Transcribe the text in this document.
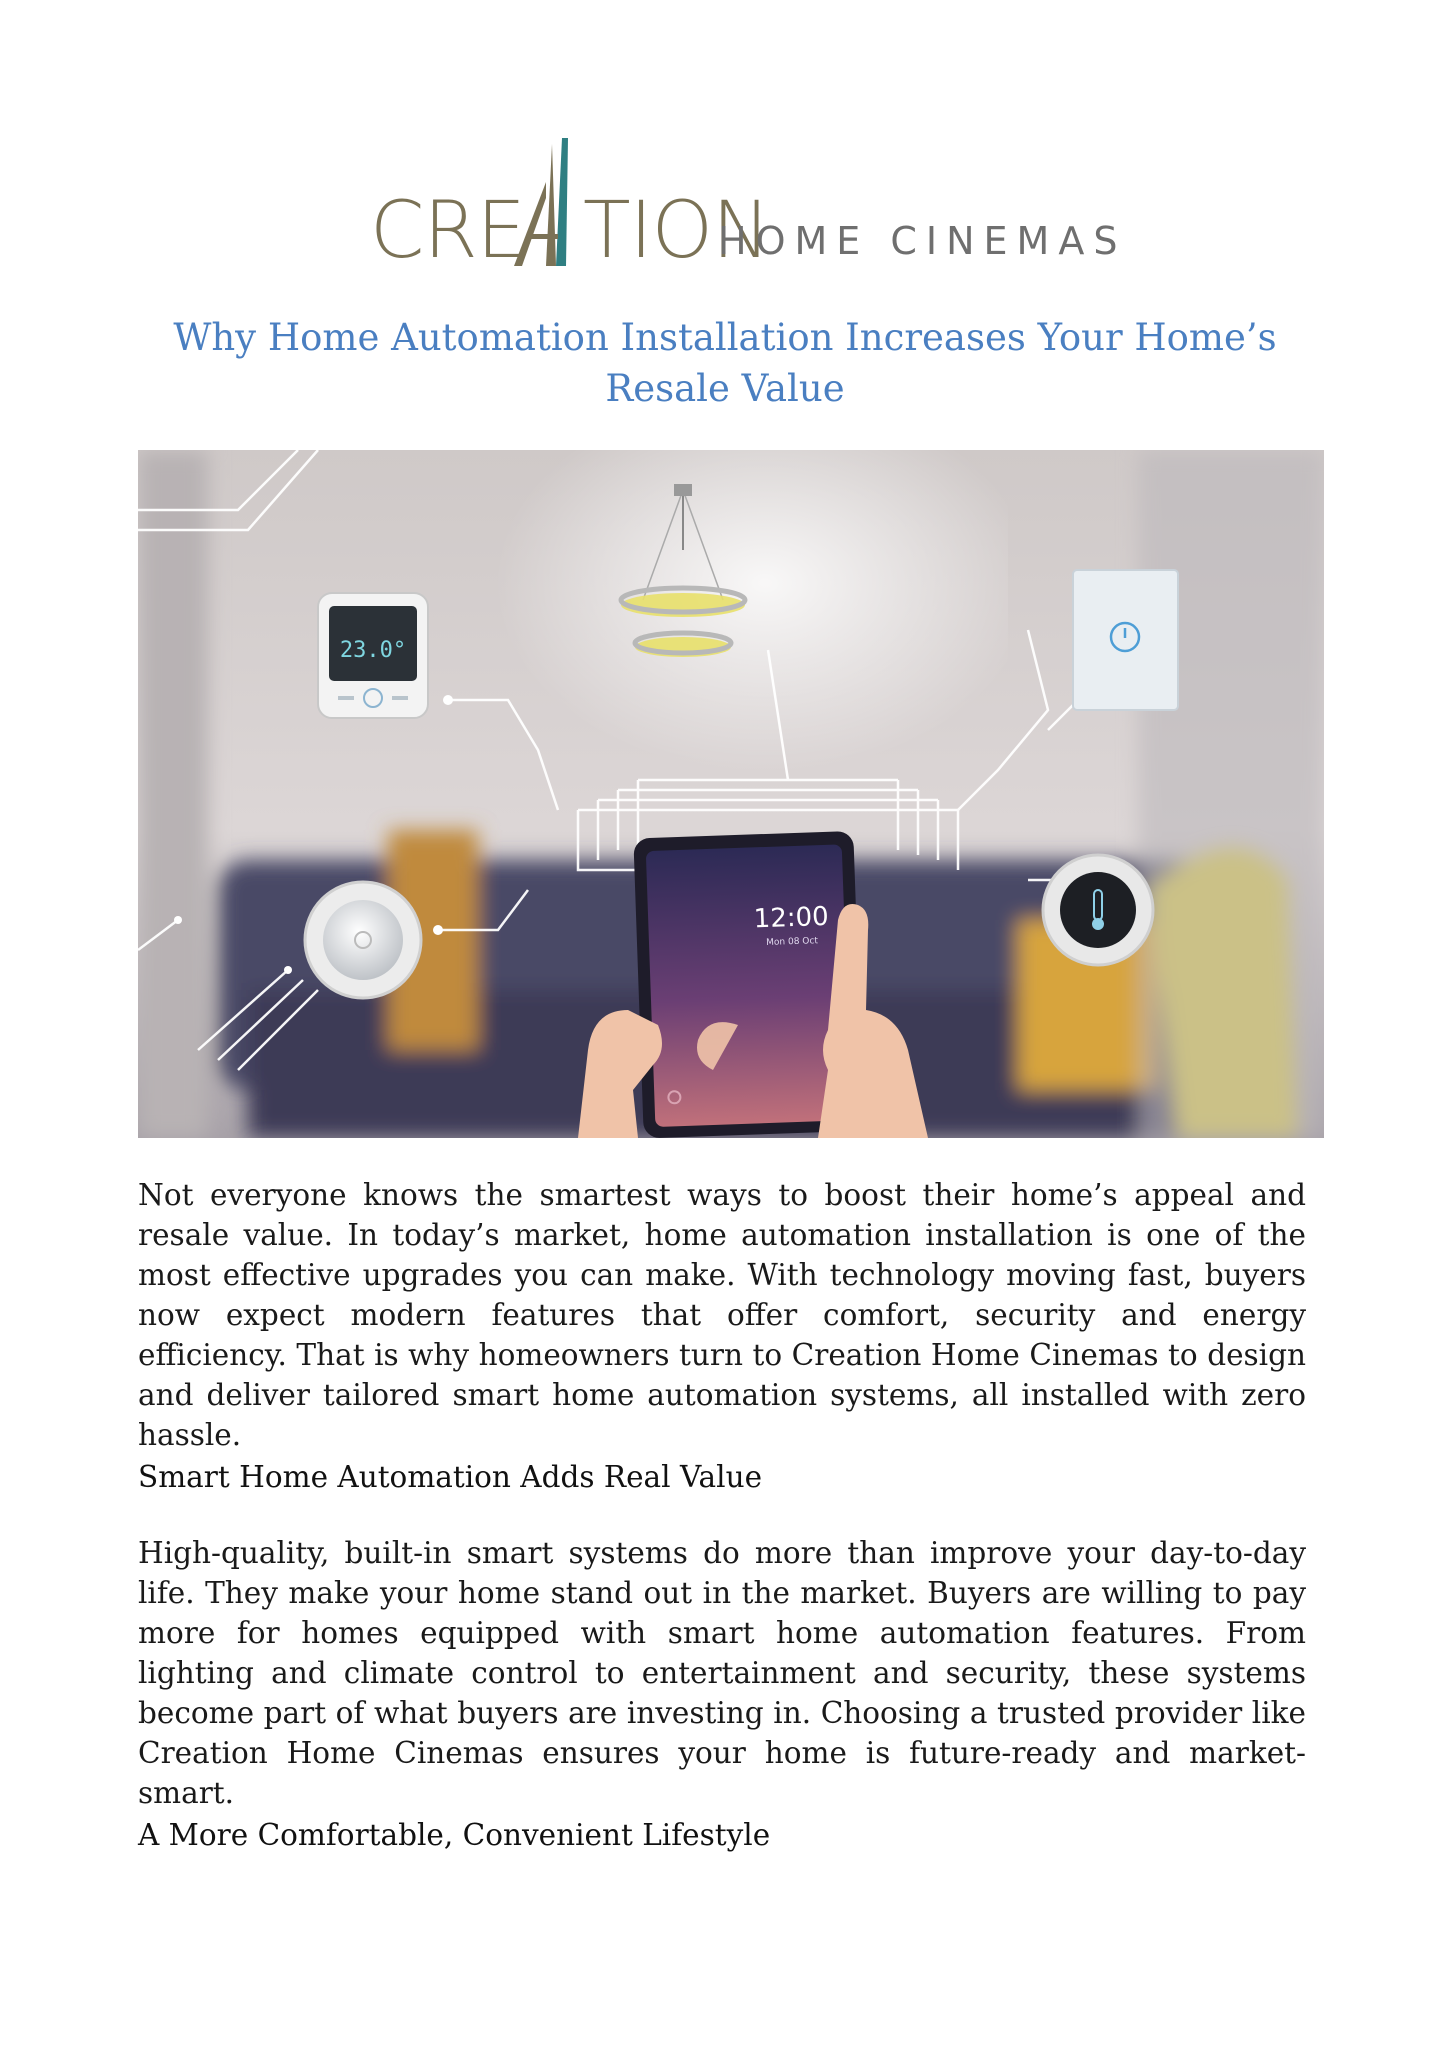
CRE TION
HOME CINEMAS
Why Home Automation Installation Increases Your Home’s Resale Value
23.0°
12:00
Mon 08 Oct

Not everyone knows the smartest ways to boost their home’s appeal and resale value. In today’s market, home automation installation is one of the most effective upgrades you can make. With technology moving fast, buyers now expect modern features that offer comfort, security and energy efficiency. That is why homeowners turn to Creation Home Cinemas to design and deliver tailored smart home automation systems, all installed with zero hassle.

Smart Home Automation Adds Real Value

High-quality, built-in smart systems do more than improve your day-to-day life. They make your home stand out in the market. Buyers are willing to pay more for homes equipped with smart home automation features. From lighting and climate control to entertainment and security, these systems become part of what buyers are investing in. Choosing a trusted provider like Creation Home Cinemas ensures your home is future-ready and market-smart.

A More Comfortable, Convenient Lifestyle
